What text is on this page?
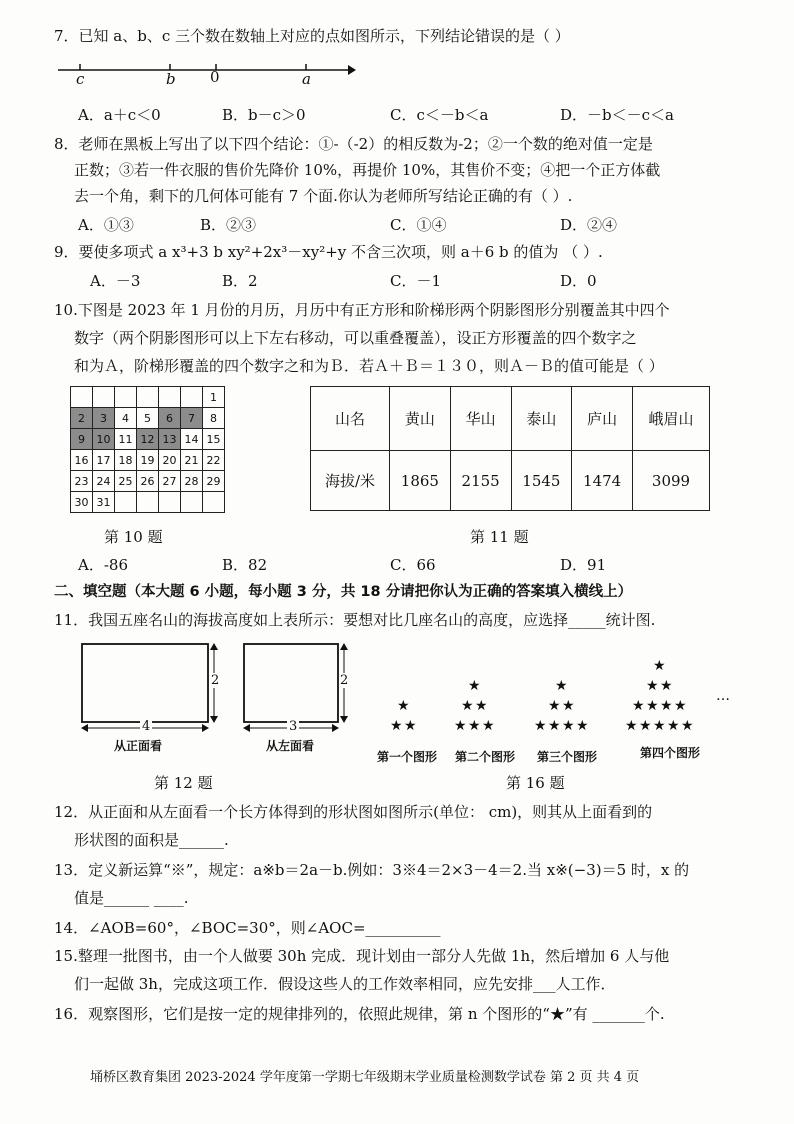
7．已知 a、b、c 三个数在数轴上对应的点如图所示，下列结论错误的是（ ）
c	b 0	a
A．a＋c＜0	B．b－c＞0	C．c＜－b＜a	D．－b＜－c＜a
8．老师在黑板上写出了以下四个结论：①-（-2）的相反数为-2；②一个数的绝对值一定是
正数；③若一件衣服的售价先降价 10%，再提价 10%，其售价不变；④把一个正方体截
去一个角，剩下的几何体可能有 7 个面.你认为老师所写结论正确的有（ ）.
A．①③	B．②③	C．①④	D．②④
9．要使多项式 a x³+3 b xy²+2x³－xy²+y 不含三次项，则 a＋6 b 的值为 （ ）.
A．－3	B．2	C．－1	D．0
10.下图是 2023 年 1 月份的月历，月历中有正方形和阶梯形两个阴影图形分别覆盖其中四个
数字（两个阴影图形可以上下左右移动，可以重叠覆盖），设正方形覆盖的四个数字之
和为Ａ，阶梯形覆盖的四个数字之和为Ｂ．若Ａ＋Ｂ＝１３０，则Ａ－Ｂ的值可能是（ ）
						1
2	3	4	5	6	7	8
9	10	11	12	13	14	15
16	17	18	19	20	21	22
23	24	25	26	27	28	29
30	31					
第 10 题
山名	黄山	华山	泰山	庐山	峨眉山
海拔/米	1865	2155	1545	1474	3099
第 11 题
A．-86	B．82	C．66	D．91
二、填空题（本大题 6 小题，每小题 3 分，共 18 分请把你认为正确的答案填入横线上）
11．我国五座名山的海拔高度如上表所示：要想对比几座名山的高度，应选择_____统计图.
2
4
从正面看
2
3
从左面看
第 12 题
★
★ ★
★
★ ★
★ ★ ★
★
★ ★
★ ★ ★ ★
★
★ ★
★ ★ ★ ★
★ ★ ★ ★ ★
第一个图形 第二个图形 第三个图形	第四个图形
…
第 16 题
12．从正面和从左面看一个长方体得到的形状图如图所示(单位： cm)，则其从上面看到的
形状图的面积是______.
13．定义新运算“※”，规定：a※b＝2a－b.例如：3※4＝2×3－4＝2.当 x※(−3)＝5 时，x 的
值是______ ____.
14．∠AOB=60°，∠BOC=30°，则∠AOC=__________
15.整理一批图书，由一个人做要 30h 完成．现计划由一部分人先做 1h，然后增加 6 人与他
们一起做 3h，完成这项工作．假设这些人的工作效率相同，应先安排___人工作．
16．观察图形，它们是按一定的规律排列的，依照此规律，第 n 个图形的“★”有 _______个.
埇桥区教育集团 2023-2024 学年度第一学期七年级期末学业质量检测数学试卷 第 2 页 共 4 页
